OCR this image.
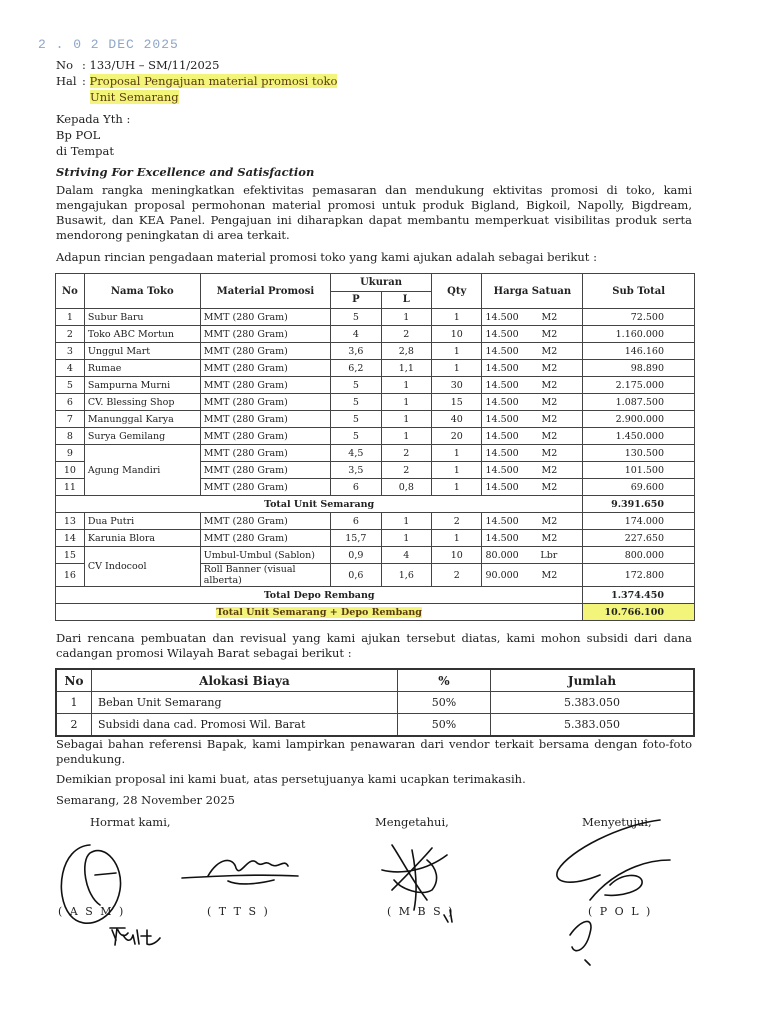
2 . 0 2 DEC 2025
No : 133/UH – SM/11/2025
Hal : Proposal Pengajuan material promosi toko
Unit Semarang
Kepada Yth :
Bp POL
di Tempat
Striving For Excellence and Satisfaction
Dalam rangka meningkatkan efektivitas pemasaran dan mendukung ektivitas promosi di toko, kami mengajukan proposal permohonan material promosi untuk produk Bigland, Bigkoil, Napolly, Bigdream, Busawit, dan KEA Panel. Pengajuan ini diharapkan dapat membantu memperkuat visibilitas produk serta mendorong peningkatan di area terkait.
Adapun rincian pengadaan material promosi toko yang kami ajukan adalah sebagai berikut :
No	Nama Toko	Material Promosi	Ukuran		Qty	Harga Satuan	Sub Total
			P	L			
1	Subur Baru	MMT (280 Gram)	5	1	1	14.500 M2	72.500
2	Toko ABC Mortun	MMT (280 Gram)	4	2	10	14.500 M2	1.160.000
3	Unggul Mart	MMT (280 Gram)	3,6	2,8	1	14.500 M2	146.160
4	Rumae	MMT (280 Gram)	6,2	1,1	1	14.500 M2	98.890
5	Sampurna Murni	MMT (280 Gram)	5	1	30	14.500 M2	2.175.000
6	CV. Blessing Shop	MMT (280 Gram)	5	1	15	14.500 M2	1.087.500
7	Manunggal Karya	MMT (280 Gram)	5	1	40	14.500 M2	2.900.000
8	Surya Gemilang	MMT (280 Gram)	5	1	20	14.500 M2	1.450.000
9	Agung Mandiri	MMT (280 Gram)	4,5	2	1	14.500 M2	130.500
10		MMT (280 Gram)	3,5	2	1	14.500 M2	101.500
11		MMT (280 Gram)	6	0,8	1	14.500 M2	69.600
Total Unit Semarang							9.391.650
13	Dua Putri	MMT (280 Gram)	6	1	2	14.500 M2	174.000
14	Karunia Blora	MMT (280 Gram)	15,7	1	1	14.500 M2	227.650
15	CV Indocool	Umbul-Umbul (Sablon)	0,9	4	10	80.000 Lbr	800.000
16		Roll Banner (visual alberta)	0,6	1,6	2	90.000 M2	172.800
Total Depo Rembang							1.374.450
Total Unit Semarang + Depo Rembang							10.766.100
Dari rencana pembuatan dan revisual yang kami ajukan tersebut diatas, kami mohon subsidi dari dana cadangan promosi Wilayah Barat sebagai berikut :
No	Alokasi Biaya	%	Jumlah
1	Beban Unit Semarang	50%	5.383.050
2	Subsidi dana cad. Promosi Wil. Barat	50%	5.383.050
Sebagai bahan referensi Bapak, kami lampirkan penawaran dari vendor terkait bersama dengan foto-foto pendukung.
Demikian proposal ini kami buat, atas persetujuanya kami ucapkan terimakasih.
Semarang, 28 November 2025
Hormat kami,	Mengetahui,	Menyetujui,
( A S M )	( T T S )	( M B S )	( P O L )
